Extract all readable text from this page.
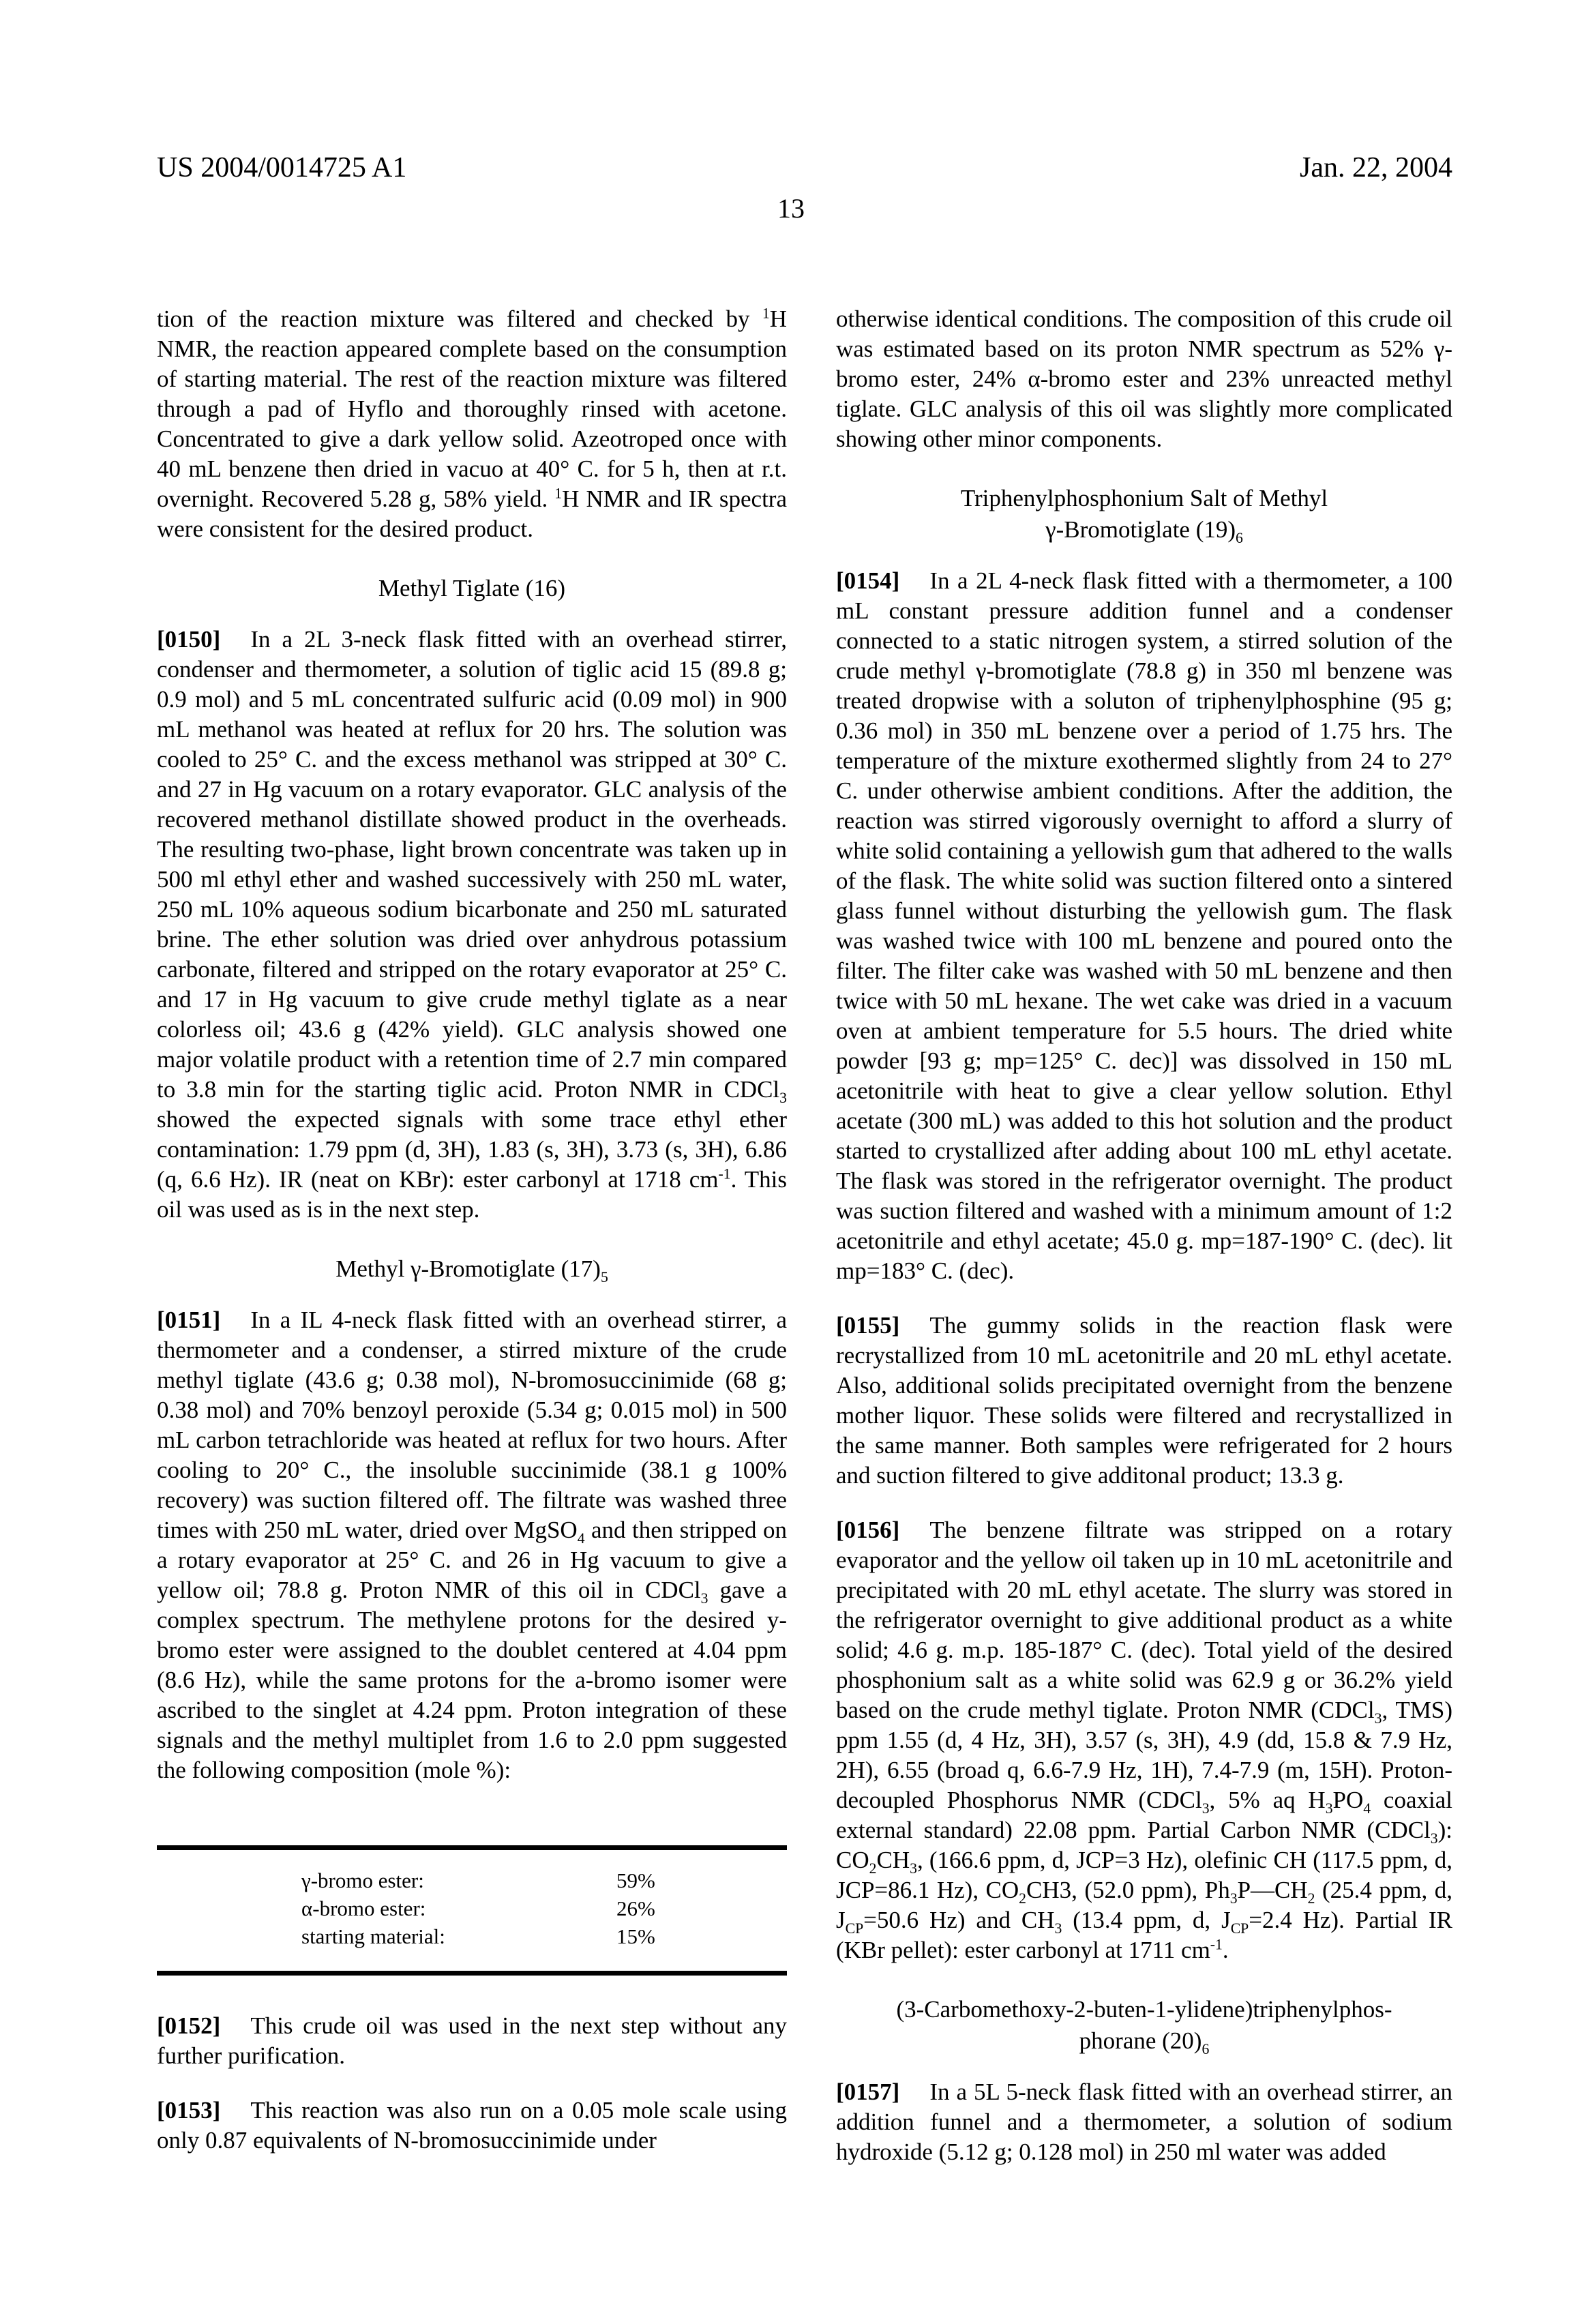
US 2004/0014725 A1	Jan. 22, 2004
13

tion of the reaction mixture was filtered and checked by $^1$H NMR, the reaction appeared complete based on the consumption of starting material. The rest of the reaction mixture was filtered through a pad of Hyflo and thoroughly rinsed with acetone. Concentrated to give a dark yellow solid. Azeotroped once with 40 mL benzene then dried in vacuo at 40° C. for 5 h, then at r.t. overnight. Recovered 5.28 g, 58% yield. $^1$H NMR and IR spectra were consistent for the desired product.

Methyl Tiglate (16)

[0150] In a 2L 3-neck flask fitted with an overhead stirrer, condenser and thermometer, a solution of tiglic acid 15 (89.8 g; 0.9 mol) and 5 mL concentrated sulfuric acid (0.09 mol) in 900 mL methanol was heated at reflux for 20 hrs. The solution was cooled to 25° C. and the excess methanol was stripped at 30° C. and 27 in Hg vacuum on a rotary evaporator. GLC analysis of the recovered methanol distillate showed product in the overheads. The resulting two-phase, light brown concentrate was taken up in 500 ml ethyl ether and washed successively with 250 mL water, 250 mL 10% aqueous sodium bicarbonate and 250 mL saturated brine. The ether solution was dried over anhydrous potassium carbonate, filtered and stripped on the rotary evaporator at 25° C. and 17 in Hg vacuum to give crude methyl tiglate as a near colorless oil; 43.6 g (42% yield). GLC analysis showed one major volatile product with a retention time of 2.7 min compared to 3.8 min for the starting tiglic acid. Proton NMR in CDCl$_3$ showed the expected signals with some trace ethyl ether contamination: 1.79 ppm (d, 3H), 1.83 (s, 3H), 3.73 (s, 3H), 6.86 (q, 6.6 Hz). IR (neat on KBr): ester carbonyl at 1718 $cm^{-1}$. This oil was used as is in the next step.

Methyl γ-Bromotiglate $(17)_5$

[0151] In a IL 4-neck flask fitted with an overhead stirrer, a thermometer and a condenser, a stirred mixture of the crude methyl tiglate (43.6 g; 0.38 mol), N-bromosuccinimide (68 g; 0.38 mol) and 70% benzoyl peroxide (5.34 g; 0.015 mol) in 500 mL carbon tetrachloride was heated at reflux for two hours. After cooling to 20° C., the insoluble succinimide (38.1 g 100% recovery) was suction filtered off. The filtrate was washed three times with 250 mL water, dried over MgSO$_4$ and then stripped on a rotary evaporator at 25° C. and 26 in Hg vacuum to give a yellow oil; 78.8 g. Proton NMR of this oil in CDCl$_3$ gave a complex spectrum. The methylene protons for the desired y-bromo ester were assigned to the doublet centered at 4.04 ppm (8.6 Hz), while the same protons for the a-bromo isomer were ascribed to the singlet at 4.24 ppm. Proton integration of these signals and the methyl multiplet from 1.6 to 2.0 ppm suggested the following composition (mole %):

γ-bromo ester:	59%
α-bromo ester:	26%
starting material:	15%

[0152] This crude oil was used in the next step without any further purification.

[0153] This reaction was also run on a 0.05 mole scale using only 0.87 equivalents of N-bromosuccinimide under

otherwise identical conditions. The composition of this crude oil was estimated based on its proton NMR spectrum as 52% γ-bromo ester, 24% α-bromo ester and 23% unreacted methyl tiglate. GLC analysis of this oil was slightly more complicated showing other minor components.

Triphenylphosphonium Salt of Methyl
γ-Bromotiglate $(19)_6$

[0154] In a 2L 4-neck flask fitted with a thermometer, a 100 mL constant pressure addition funnel and a condenser connected to a static nitrogen system, a stirred solution of the crude methyl γ-bromotiglate (78.8 g) in 350 ml benzene was treated dropwise with a soluton of triphenylphosphine (95 g; 0.36 mol) in 350 mL benzene over a period of 1.75 hrs. The temperature of the mixture exothermed slightly from 24 to 27° C. under otherwise ambient conditions. After the addition, the reaction was stirred vigorously overnight to afford a slurry of white solid containing a yellowish gum that adhered to the walls of the flask. The white solid was suction filtered onto a sintered glass funnel without disturbing the yellowish gum. The flask was washed twice with 100 mL benzene and poured onto the filter. The filter cake was washed with 50 mL benzene and then twice with 50 mL hexane. The wet cake was dried in a vacuum oven at ambient temperature for 5.5 hours. The dried white powder [93 g; mp=125° C. dec)] was dissolved in 150 mL acetonitrile with heat to give a clear yellow solution. Ethyl acetate (300 mL) was added to this hot solution and the product started to crystallized after adding about 100 mL ethyl acetate. The flask was stored in the refrigerator overnight. The product was suction filtered and washed with a minimum amount of 1:2 acetonitrile and ethyl acetate; 45.0 g. mp=187-190° C. (dec). lit mp=183° C. (dec).

[0155] The gummy solids in the reaction flask were recrystallized from 10 mL acetonitrile and 20 mL ethyl acetate. Also, additional solids precipitated overnight from the benzene mother liquor. These solids were filtered and recrystallized in the same manner. Both samples were refrigerated for 2 hours and suction filtered to give additonal product; 13.3 g.

[0156] The benzene filtrate was stripped on a rotary evaporator and the yellow oil taken up in 10 mL acetonitrile and precipitated with 20 mL ethyl acetate. The slurry was stored in the refrigerator overnight to give additional product as a white solid; 4.6 g. m.p. 185-187° C. (dec). Total yield of the desired phosphonium salt as a white solid was 62.9 g or 36.2% yield based on the crude methyl tiglate. Proton NMR (CDCl$_3$, TMS) ppm 1.55 (d, 4 Hz, 3H), 3.57 (s, 3H), 4.9 (dd, 15.8 & 7.9 Hz, 2H), 6.55 (broad q, 6.6-7.9 Hz, 1H), 7.4-7.9 (m, 15H). Proton-decoupled Phosphorus NMR (CDCl$_3$, 5% aq $H_3PO_4$ coaxial external standard) 22.08 ppm. Partial Carbon NMR (CDCl$_3$): $CO_2CH_3$, (166.6 ppm, d, JCP=3 Hz), olefinic CH (117.5 ppm, d, JCP=86.1 Hz), $CO_2CH3$, (52.0 ppm), $Ph_3P—CH_2$ (25.4 ppm, d, $J_{CP}=50.6$ Hz) and $CH_3$ (13.4 ppm, d, $J_{CP}=2.4$ Hz). Partial IR (KBr pellet): ester carbonyl at 1711 $cm^{-1}$.

(3-Carbomethoxy-2-buten-1-ylidene)triphenylphos-
phorane $(20)_6$

[0157] In a 5L 5-neck flask fitted with an overhead stirrer, an addition funnel and a thermometer, a solution of sodium hydroxide (5.12 g; 0.128 mol) in 250 ml water was added
